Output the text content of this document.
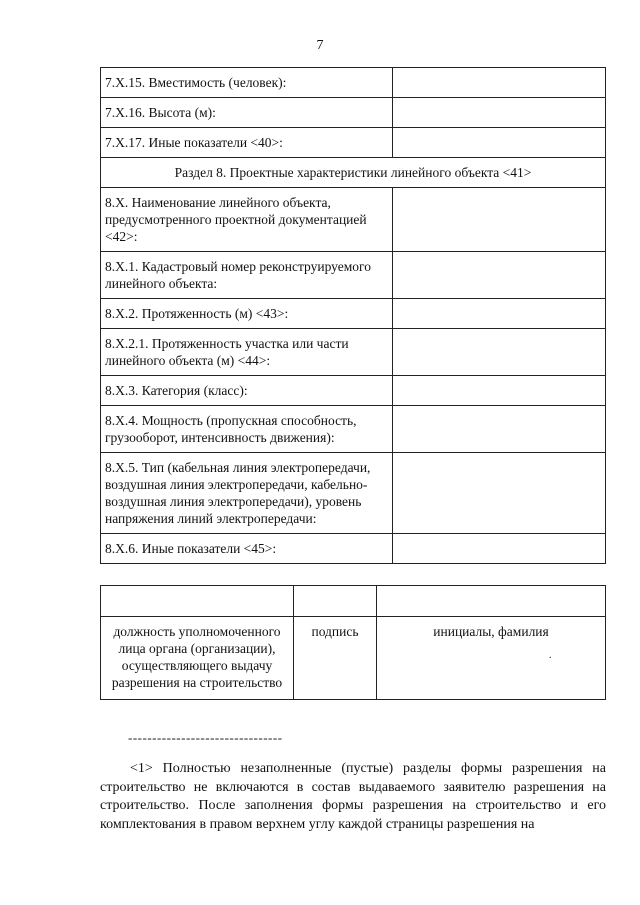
7
7.Х.15. Вместимость (человек):	
7.Х.16. Высота (м):	
7.Х.17. Иные показатели <40>:	
Раздел 8. Проектные характеристики линейного объекта <41>	
8.Х. Наименование линейного объекта, предусмотренного проектной документацией <42>:	
8.Х.1. Кадастровый номер реконструируемого линейного объекта:	
8.Х.2. Протяженность (м) <43>:	
8.Х.2.1. Протяженность участка или части линейного объекта (м) <44>:	
8.Х.3. Категория (класс):	
8.Х.4. Мощность (пропускная способность, грузооборот, интенсивность движения):	
8.Х.5. Тип (кабельная линия электропередачи, воздушная линия электропередачи, кабельно-воздушная линия электропередачи), уровень напряжения линий электропередачи:	
8.Х.6. Иные показатели <45>:	

должность уполномоченного лица органа (организации), осуществляющего выдачу разрешения на строительство	подпись	инициалы, фамилия
.
--------------------------------
<1> Полностью незаполненные (пустые) разделы формы разрешения на строительство не включаются в состав выдаваемого заявителю разрешения на строительство. После заполнения формы разрешения на строительство и его комплектования в правом верхнем углу каждой страницы разрешения на
